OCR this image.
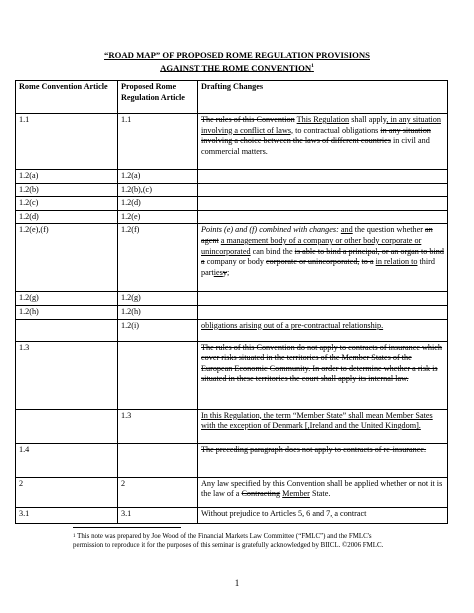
“ROAD MAP” OF PROPOSED ROME REGULATION PROVISIONS
AGAINST THE ROME CONVENTION$^1$
Rome Convention Article	Proposed Rome Regulation Article	Drafting Changes
1.1	1.1	The rules of this Convention This Regulation shall apply, in any situation involving a conflict of laws, to contractual obligations in any situation involving a choice between the laws of different countries in civil and commercial matters.
1.2(a)	1.2(a)	
1.2(b)	1.2(b),(c)	
1.2(c)	1.2(d)	
1.2(d)	1.2(e)	
1.2(e),(f)	1.2(f)	Points (e) and (f) combined with changes: and the question whether an agent a management body of a company or other body corporate or unincorporated can bind the is able to bind a principal, or an organ to bind a company or body corporate or unincorporated, to a in relation to third partiesy;
1.2(g)	1.2(g)	
1.2(h)	1.2(h)	
	1.2(i)	obligations arising out of a pre-contractual relationship.
1.3		The rules of this Convention do not apply to contracts of insurance which cover risks situated in the territories of the Member States of the European Economic Community. In order to determine whether a risk is situated in these territories the court shall apply its internal law.
	1.3	In this Regulation, the term “Member State” shall mean Member Sates with the exception of Denmark [,Ireland and the United Kingdom].
1.4		The preceding paragraph does not apply to contracts of re-insurance.
2	2	Any law specified by this Convention shall be applied whether or not it is the law of a Contracting Member State.
3.1	3.1	Without prejudice to Articles 5, 6 and 7, a contract
$^1$ This note was prepared by Joe Wood of the Financial Markets Law Committee (“FMLC”) and the FMLC's permission to reproduce it for the purposes of this seminar is gratefully acknowledged by BIICL. ©2006 FMLC.
1
